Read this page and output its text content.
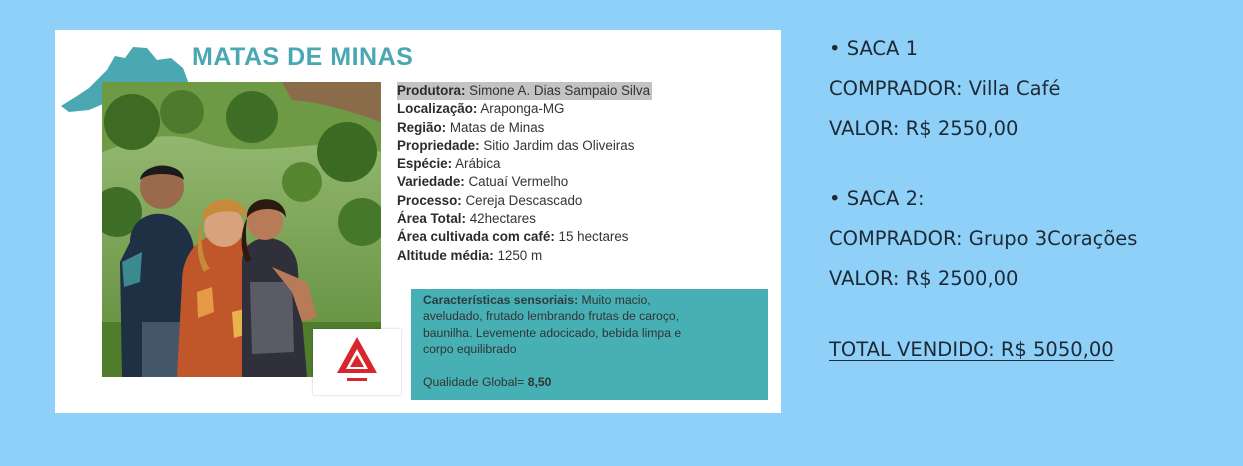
MATAS DE MINAS
Produtora: Simone A. Dias Sampaio Silva
Localização: Araponga-MG
Região: Matas de Minas
Propriedade: Sitio Jardim das Oliveiras
Espécie: Arábica
Variedade: Catuaí Vermelho
Processo: Cereja Descascado
Área Total: 42hectares
Área cultivada com café: 15 hectares
Altitude média: 1250 m
Características sensoriais: Muito macio,
aveludado, frutado lembrando frutas de caroço,
baunilha. Levemente adocicado, bebida limpa e
corpo equilibrado
Qualidade Global= 8,50
• SACA 1
COMPRADOR: Villa Café
VALOR: R$ 2550,00
• SACA 2:
COMPRADOR: Grupo 3Corações
VALOR: R$ 2500,00
TOTAL VENDIDO: R$ 5050,00
